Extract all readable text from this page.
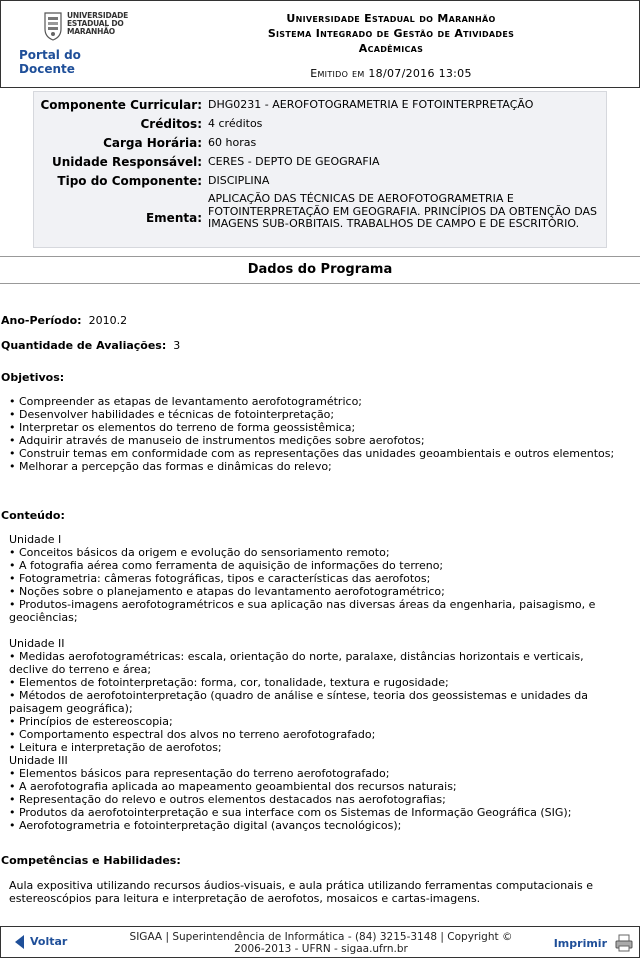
UNIVERSIDADE
ESTADUAL DO
MARANHÃO
Portal do Docente
Universidade Estadual do Maranhão
Sistema Integrado de Gestão de Atividades
Acadêmicas
Emitido em 18/07/2016 13:05
Componente Curricular: DHG0231 - AEROFOTOGRAMETRIA E FOTOINTERPRETAÇÃO
Créditos: 4 créditos
Carga Horária: 60 horas
Unidade Responsável: CERES - DEPTO DE GEOGRAFIA
Tipo do Componente: DISCIPLINA
Ementa:
APLICAÇÃO DAS TÉCNICAS DE AEROFOTOGRAMETRIA E FOTOINTERPRETAÇÃO EM GEOGRAFIA. PRINCÍPIOS DA OBTENÇÃO DAS IMAGENS SUB-ORBITAIS. TRABALHOS DE CAMPO E DE ESCRITÓRIO.
Dados do Programa
Ano-Período: 2010.2
Quantidade de Avaliações: 3
Objetivos:
• Compreender as etapas de levantamento aerofotogramétrico;
• Desenvolver habilidades e técnicas de fotointerpretação;
• Interpretar os elementos do terreno de forma geossistêmica;
• Adquirir através de manuseio de instrumentos medições sobre aerofotos;
• Construir temas em conformidade com as representações das unidades geoambientais e outros elementos;
• Melhorar a percepção das formas e dinâmicas do relevo;
Conteúdo:
Unidade I
• Conceitos básicos da origem e evolução do sensoriamento remoto;
• A fotografia aérea como ferramenta de aquisição de informações do terreno;
• Fotogrametria: câmeras fotográficas, tipos e características das aerofotos;
• Noções sobre o planejamento e atapas do levantamento aerofotogramétrico;
• Produtos-imagens aerofotogramétricos e sua aplicação nas diversas áreas da engenharia, paisagismo, e geociências;
Unidade II
• Medidas aerofotogramétricas: escala, orientação do norte, paralaxe, distâncias horizontais e verticais, declive do terreno e área;
• Elementos de fotointerpretação: forma, cor, tonalidade, textura e rugosidade;
• Métodos de aerofotointerpretação (quadro de análise e síntese, teoria dos geossistemas e unidades da paisagem geográfica);
• Princípios de estereoscopia;
• Comportamento espectral dos alvos no terreno aerofotografado;
• Leitura e interpretação de aerofotos;
Unidade III
• Elementos básicos para representação do terreno aerofotografado;
• A aerofotografia aplicada ao mapeamento geoambiental dos recursos naturais;
• Representação do relevo e outros elementos destacados nas aerofotografias;
• Produtos da aerofotointerpretação e sua interface com os Sistemas de Informação Geográfica (SIG);
• Aerofotogrametria e fotointerpretação digital (avanços tecnológicos);
Competências e Habilidades:
Aula expositiva utilizando recursos áudios-visuais, e aula prática utilizando ferramentas computacionais e estereoscópios para leitura e interpretação de aerofotos, mosaicos e cartas-imagens.
Voltar	SIGAA | Superintendência de Informática - (84) 3215-3148 | Copyright ©
2006-2013 - UFRN - sigaa.ufrn.br	Imprimir
